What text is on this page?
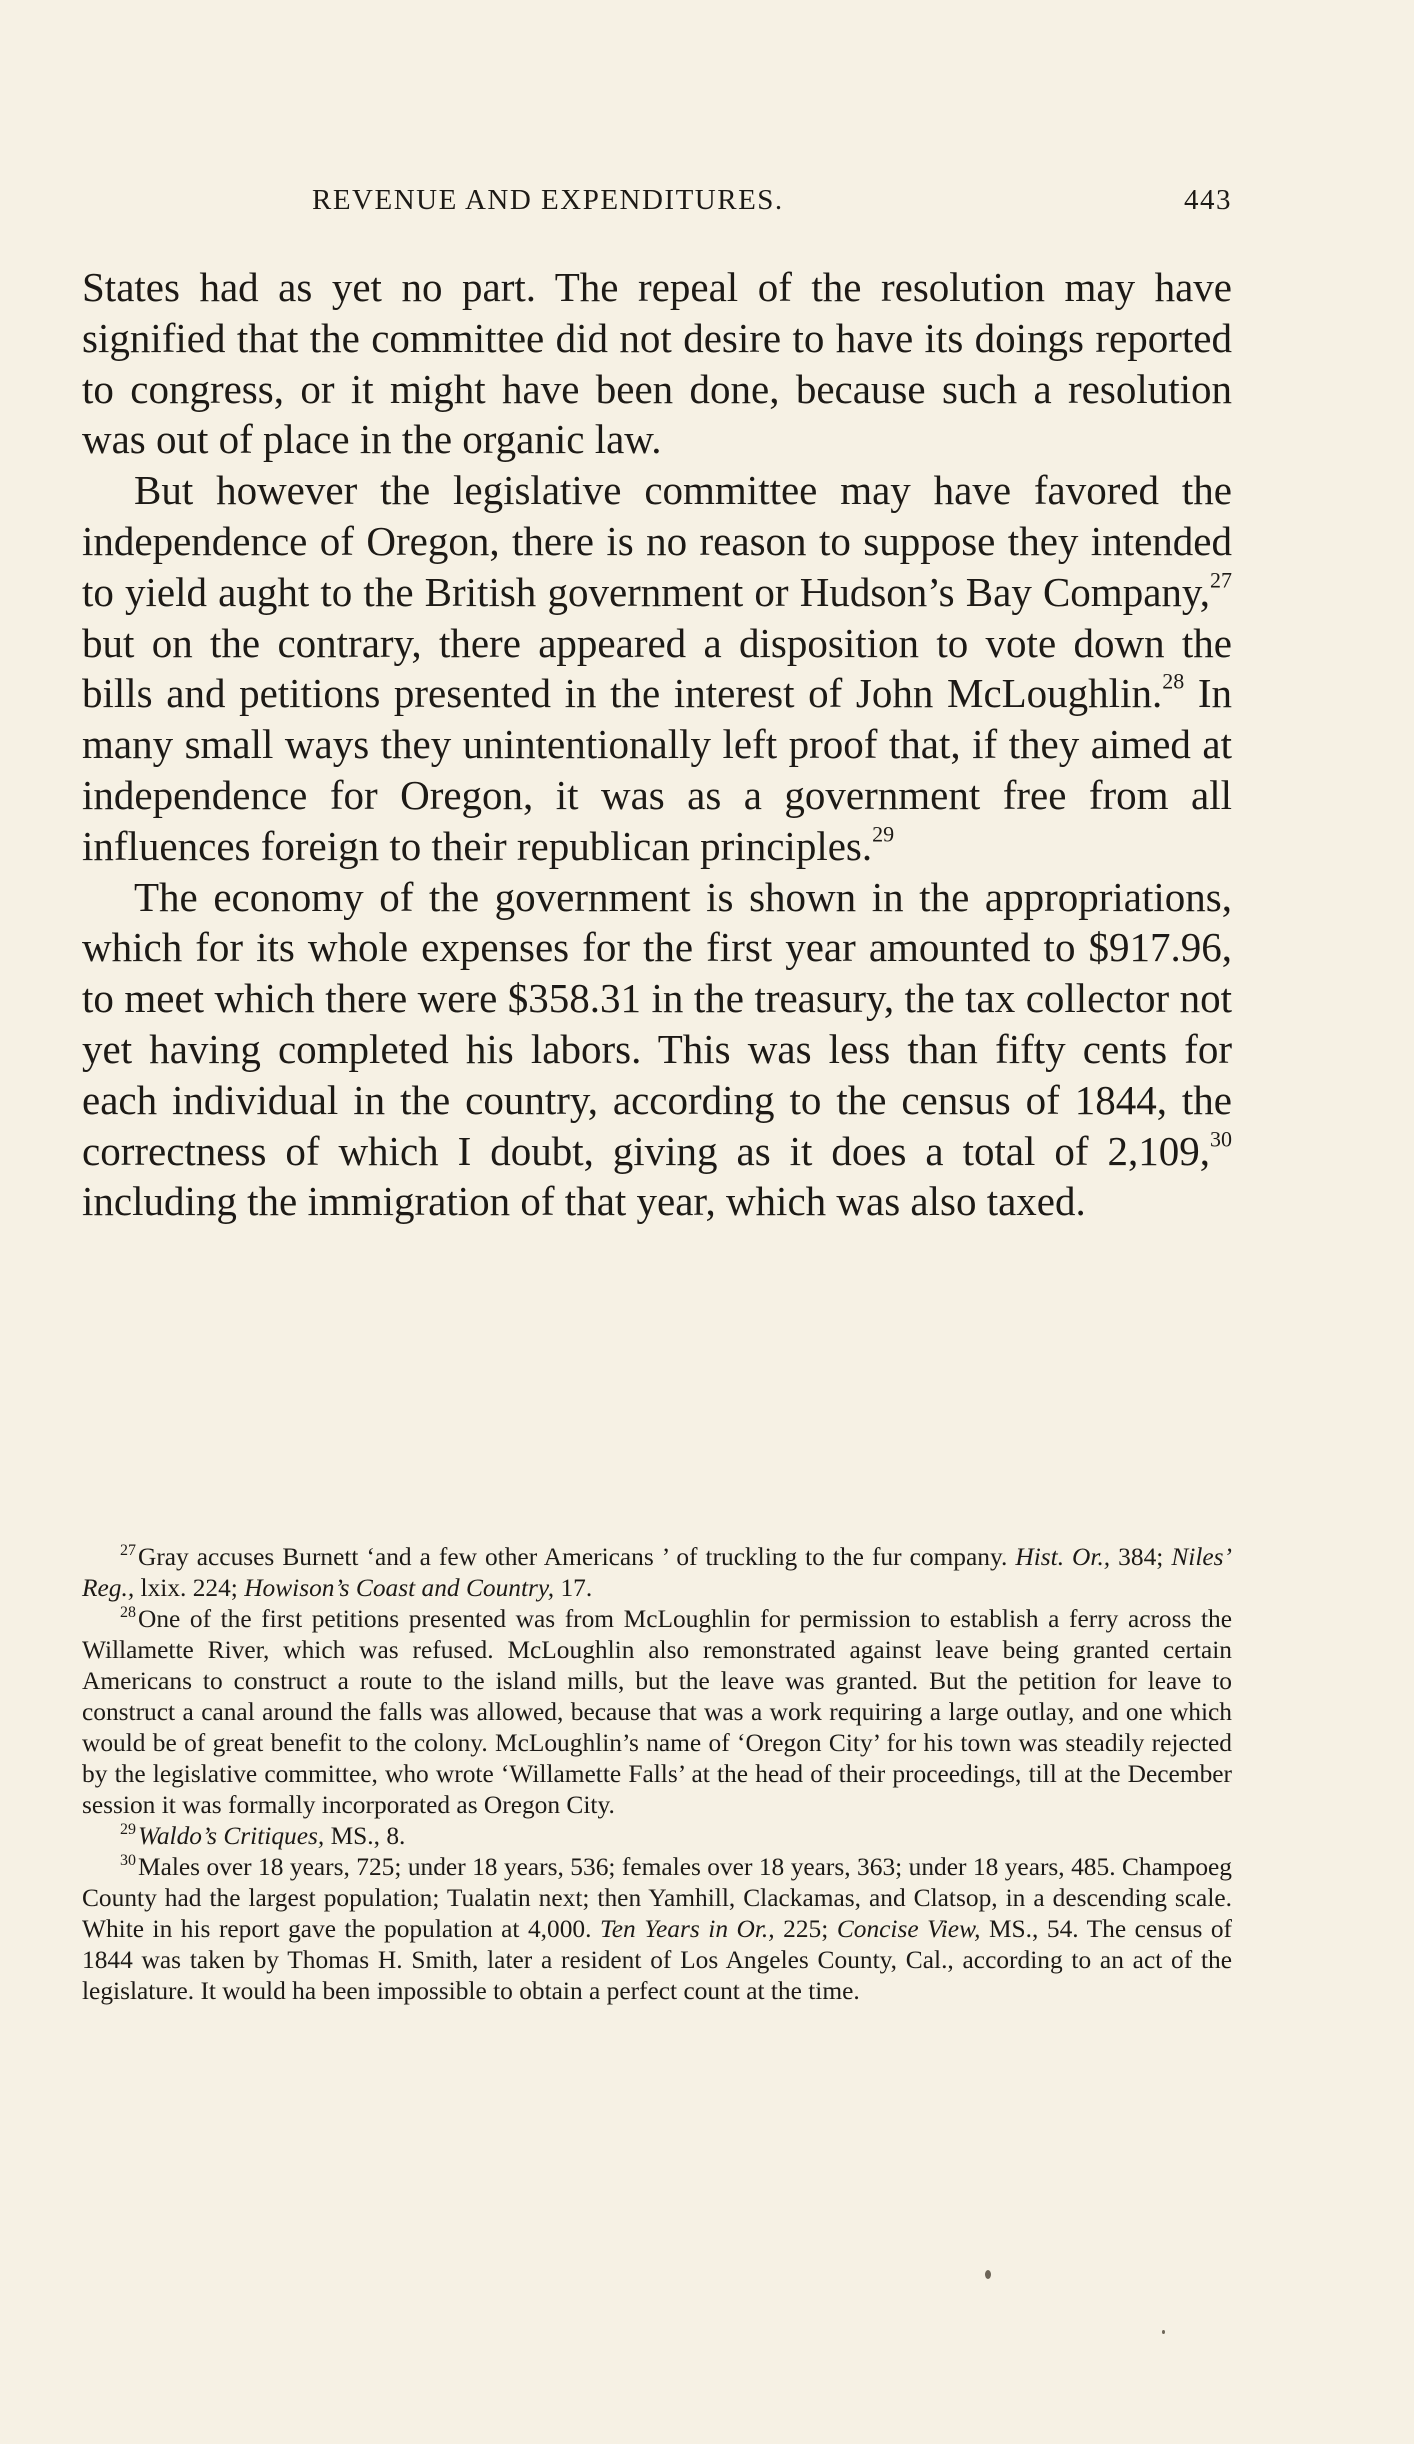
REVENUE AND EXPENDITURES.	443

States had as yet no part. The repeal of the resolution may have signified that the committee did not desire to have its doings reported to congress, or it might have been done, because such a resolution was out of place in the organic law.

But however the legislative committee may have favored the independence of Oregon, there is no reason to suppose they intended to yield aught to the British government or Hudson’s Bay Company,$^{27}$ but on the contrary, there appeared a disposition to vote down the bills and petitions presented in the interest of John McLoughlin.$^{28}$ In many small ways they unintentionally left proof that, if they aimed at independence for Oregon, it was as a government free from all influences foreign to their republican principles.$^{29}$

The economy of the government is shown in the appropriations, which for its whole expenses for the first year amounted to $917.96, to meet which there were $358.31 in the treasury, the tax collector not yet having completed his labors. This was less than fifty cents for each individual in the country, according to the census of 1844, the correctness of which I doubt, giving as it does a total of 2,109,30 including the immigration of that year, which was also taxed.

$^{27}$Gray accuses Burnett ‘and a few other Americans ’ of truckling to the fur company. Hist. Or., 384; Niles’ Reg., lxix. 224; Howison’s Coast and Country, 17.

$^{28}$One of the first petitions presented was from McLoughlin for permission to establish a ferry across the Willamette River, which was refused. McLoughlin also remonstrated against leave being granted certain Americans to construct a route to the island mills, but the leave was granted. But the petition for leave to construct a canal around the falls was allowed, because that was a work requiring a large outlay, and one which would be of great benefit to the colony. McLoughlin’s name of ‘Oregon City’ for his town was steadily rejected by the legislative committee, who wrote ‘Willamette Falls’ at the head of their proceedings, till at the December session it was formally incorporated as Oregon City.

$^{29}$Waldo’s Critiques, MS., 8.

$^{30}$Males over 18 years, 725; under 18 years, 536; females over 18 years, 363; under 18 years, 485. Champoeg County had the largest population; Tualatin next; then Yamhill, Clackamas, and Clatsop, in a descending scale. White in his report gave the population at 4,000. Ten Years in Or., 225; Concise View, MS., 54. The census of 1844 was taken by Thomas H. Smith, later a resident of Los Angeles County, Cal., according to an act of the legislature. It would ha been impossible to obtain a perfect count at the time.
